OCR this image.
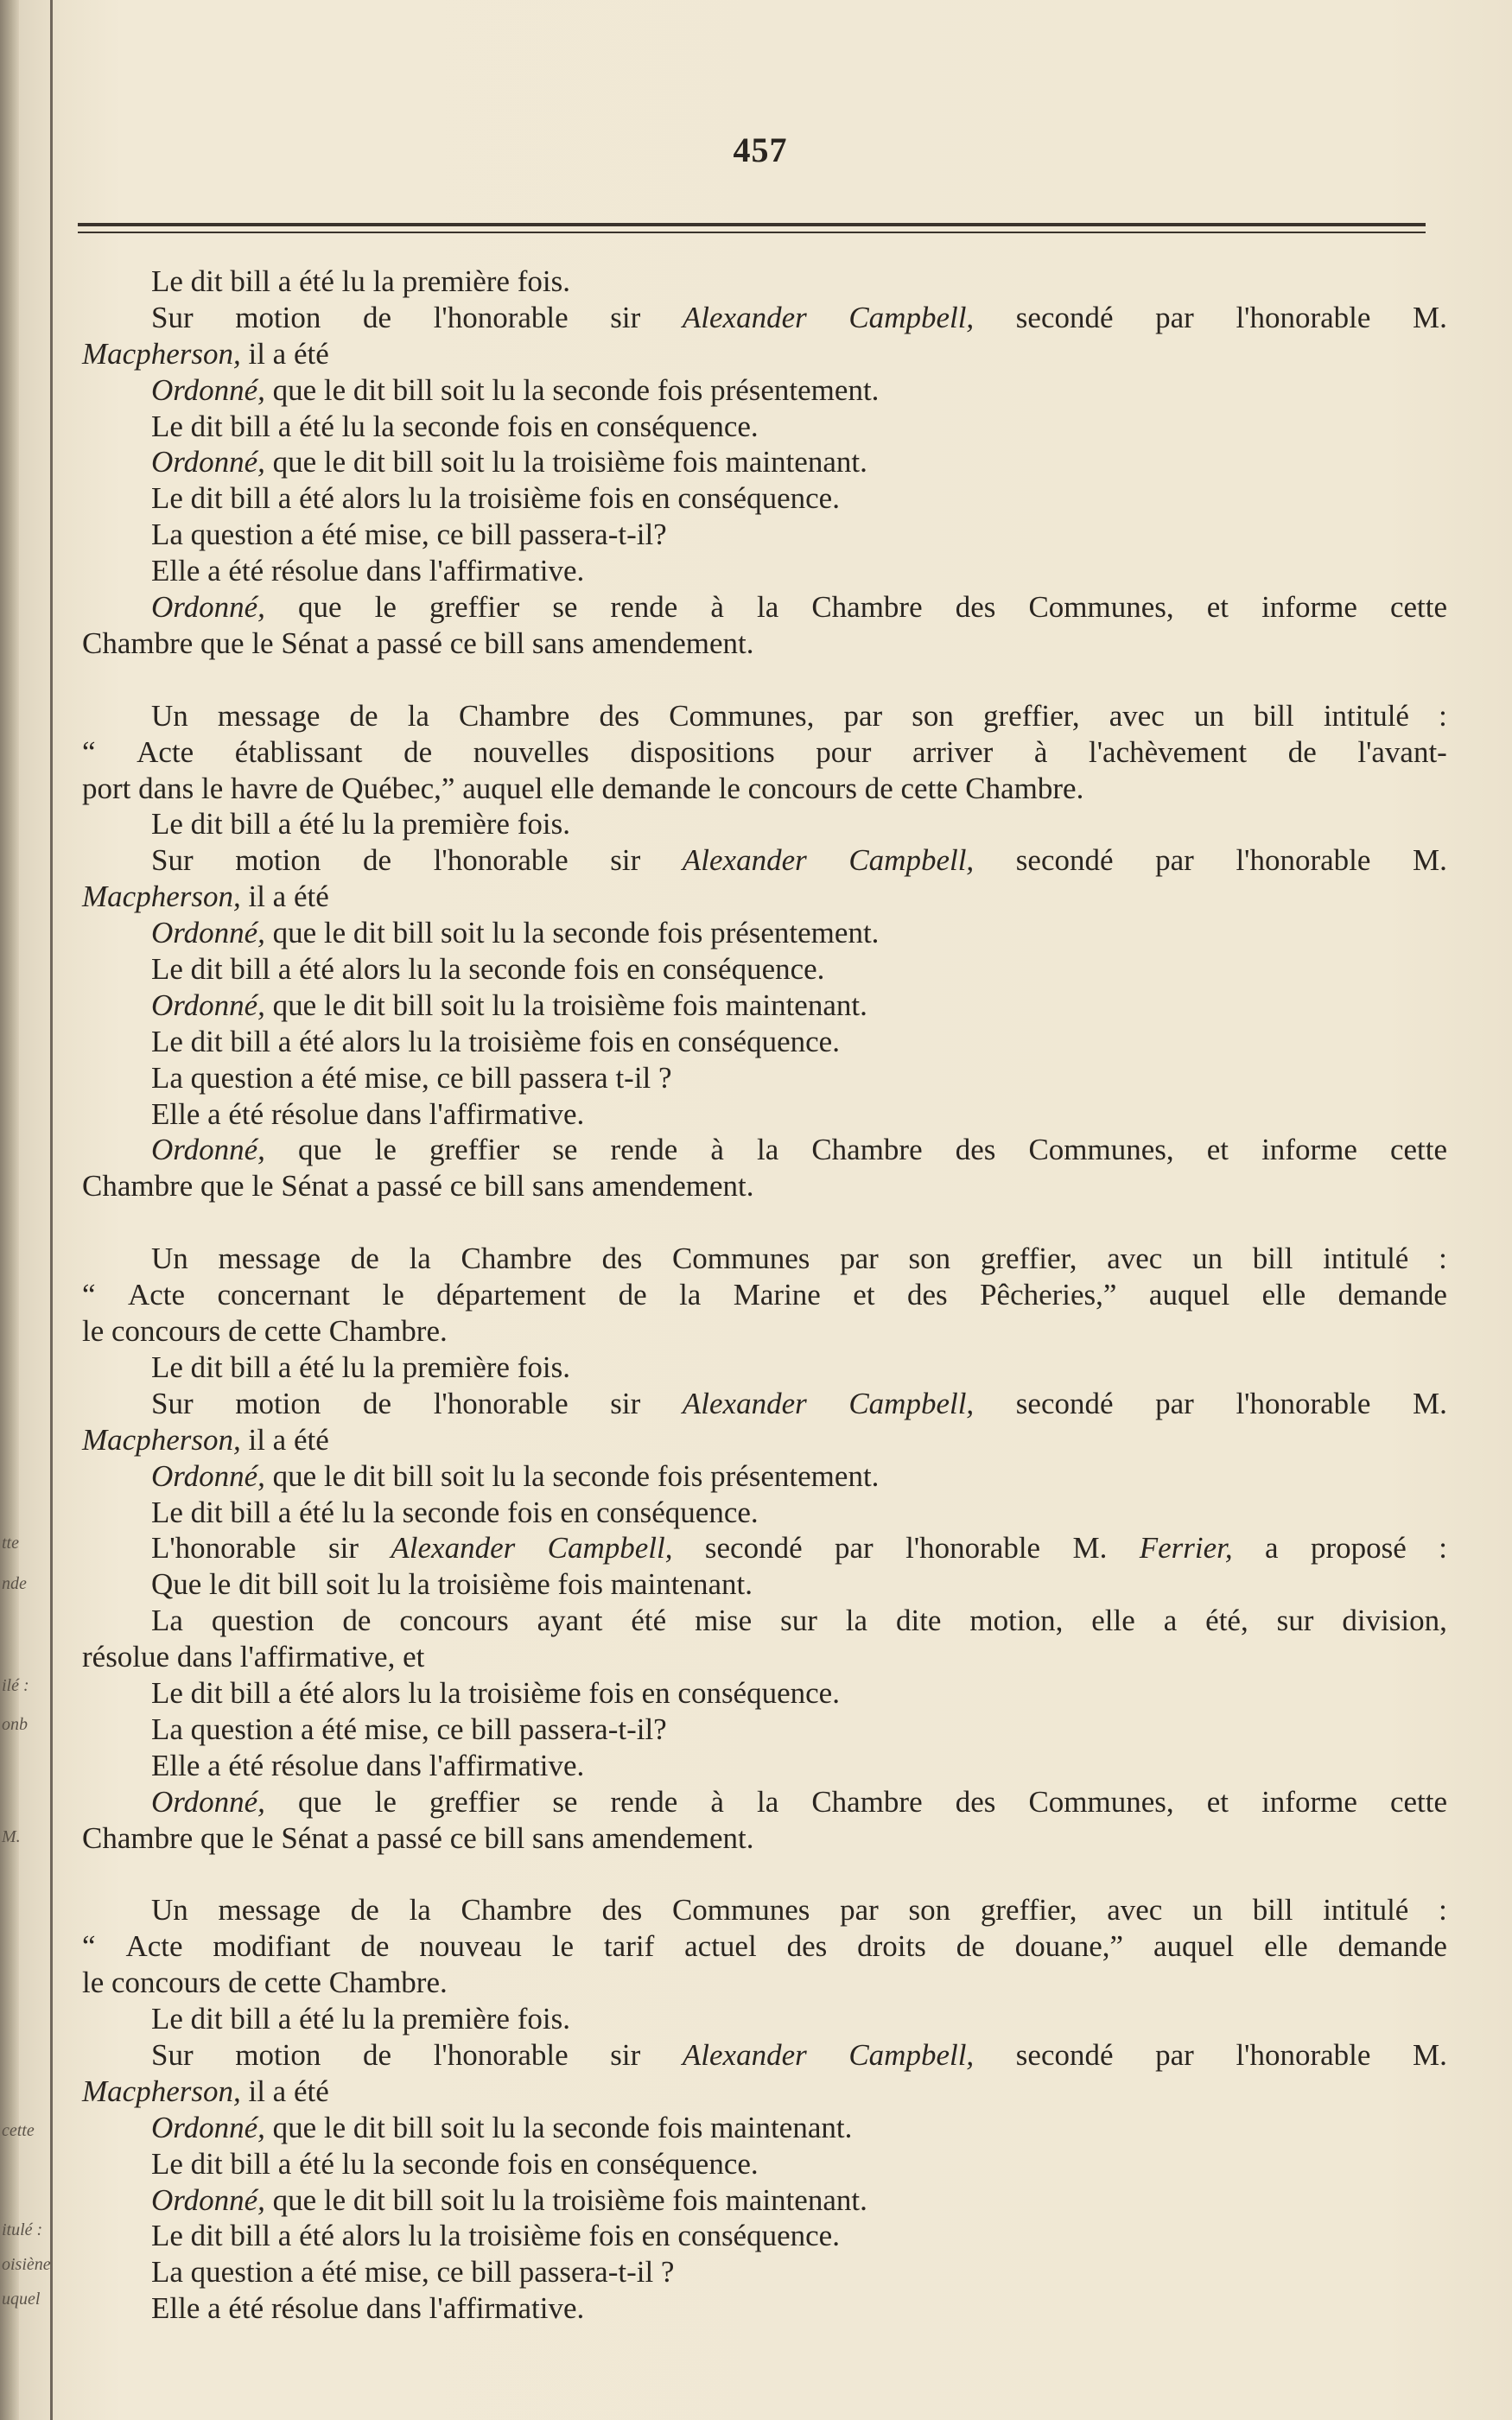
tte
nde
ilé :
onb
M.
cette
itulé :
oisiène
uquel
457
Le dit bill a été lu la première fois.
Sur motion de l'honorable sir Alexander Campbell, secondé par l'honorable M.
Macpherson, il a été
Ordonné, que le dit bill soit lu la seconde fois présentement.
Le dit bill a été lu la seconde fois en conséquence.
Ordonné, que le dit bill soit lu la troisième fois maintenant.
Le dit bill a été alors lu la troisième fois en conséquence.
La question a été mise, ce bill passera-t-il?
Elle a été résolue dans l'affirmative.
Ordonné, que le greffier se rende à la Chambre des Communes, et informe cette
Chambre que le Sénat a passé ce bill sans amendement.
Un message de la Chambre des Communes, par son greffier, avec un bill intitulé :
“ Acte établissant de nouvelles dispositions pour arriver à l'achèvement de l'avant-
port dans le havre de Québec,” auquel elle demande le concours de cette Chambre.
Le dit bill a été lu la première fois.
Sur motion de l'honorable sir Alexander Campbell, secondé par l'honorable M.
Macpherson, il a été
Ordonné, que le dit bill soit lu la seconde fois présentement.
Le dit bill a été alors lu la seconde fois en conséquence.
Ordonné, que le dit bill soit lu la troisième fois maintenant.
Le dit bill a été alors lu la troisième fois en conséquence.
La question a été mise, ce bill passera t-il ?
Elle a été résolue dans l'affirmative.
Ordonné, que le greffier se rende à la Chambre des Communes, et informe cette
Chambre que le Sénat a passé ce bill sans amendement.
Un message de la Chambre des Communes par son greffier, avec un bill intitulé :
“ Acte concernant le département de la Marine et des Pêcheries,” auquel elle demande
le concours de cette Chambre.
Le dit bill a été lu la première fois.
Sur motion de l'honorable sir Alexander Campbell, secondé par l'honorable M.
Macpherson, il a été
Ordonné, que le dit bill soit lu la seconde fois présentement.
Le dit bill a été lu la seconde fois en conséquence.
L'honorable sir Alexander Campbell, secondé par l'honorable M. Ferrier, a proposé :
Que le dit bill soit lu la troisième fois maintenant.
La question de concours ayant été mise sur la dite motion, elle a été, sur division,
résolue dans l'affirmative, et
Le dit bill a été alors lu la troisième fois en conséquence.
La question a été mise, ce bill passera-t-il?
Elle a été résolue dans l'affirmative.
Ordonné, que le greffier se rende à la Chambre des Communes, et informe cette
Chambre que le Sénat a passé ce bill sans amendement.
Un message de la Chambre des Communes par son greffier, avec un bill intitulé :
“ Acte modifiant de nouveau le tarif actuel des droits de douane,” auquel elle demande
le concours de cette Chambre.
Le dit bill a été lu la première fois.
Sur motion de l'honorable sir Alexander Campbell, secondé par l'honorable M.
Macpherson, il a été
Ordonné, que le dit bill soit lu la seconde fois maintenant.
Le dit bill a été lu la seconde fois en conséquence.
Ordonné, que le dit bill soit lu la troisième fois maintenant.
Le dit bill a été alors lu la troisième fois en conséquence.
La question a été mise, ce bill passera-t-il ?
Elle a été résolue dans l'affirmative.
